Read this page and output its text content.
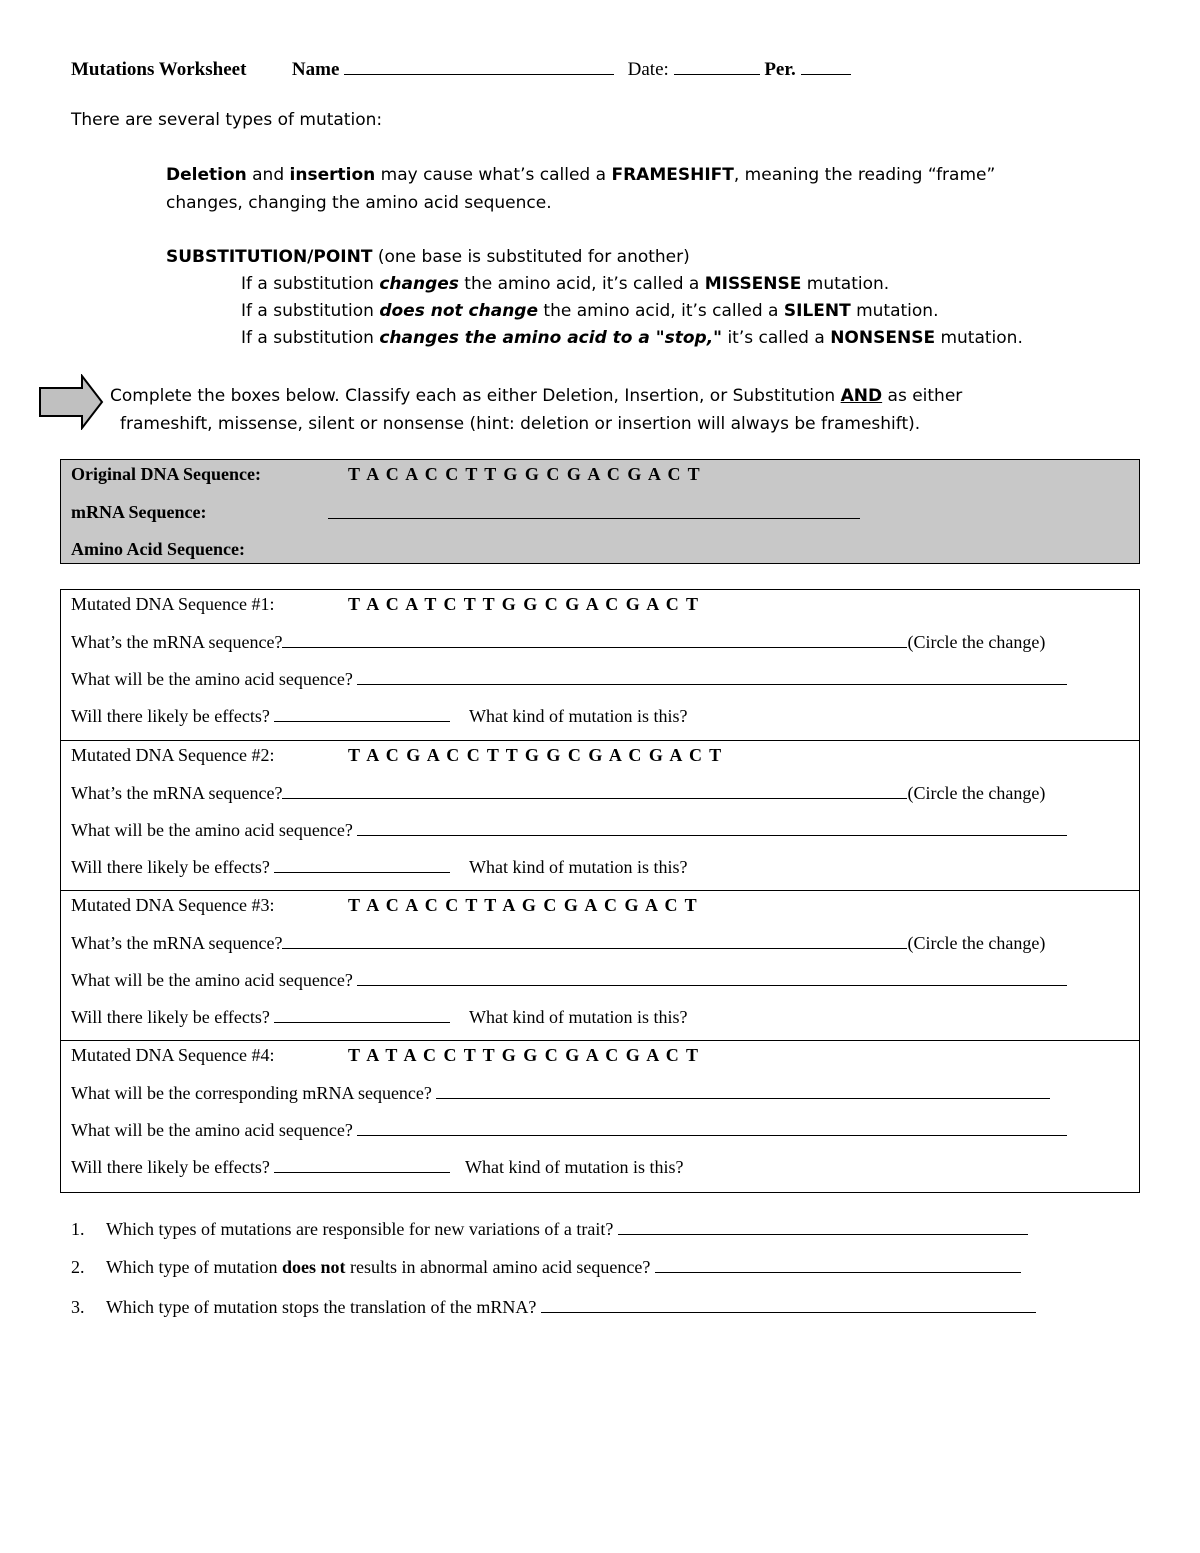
Mutations Worksheet Name	Date:	Per.
There are several types of mutation:
Deletion and insertion may cause what’s called a FRAMESHIFT, meaning the reading “frame”
changes, changing the amino acid sequence.
SUBSTITUTION/POINT (one base is substituted for another)
If a substitution changes the amino acid, it’s called a MISSENSE mutation.
If a substitution does not change the amino acid, it’s called a SILENT mutation.
If a substitution changes the amino acid to a "stop," it’s called a NONSENSE mutation.
Complete the boxes below. Classify each as either Deletion, Insertion, or Substitution AND as either
frameshift, missense, silent or nonsense (hint: deletion or insertion will always be frameshift).
Original DNA Sequence:	T A C A C C T T G G C G A C G A C T
mRNA Sequence:
Amino Acid Sequence:
Mutated DNA Sequence #1:	T A C A T C T T G G C G A C G A C T
What’s the mRNA sequence?	(Circle the change)
What will be the amino acid sequence?
Will there likely be effects?	What kind of mutation is this?
Mutated DNA Sequence #2:	T A C G A C C T T G G C G A C G A C T
What’s the mRNA sequence?	(Circle the change)
What will be the amino acid sequence?
Will there likely be effects?	What kind of mutation is this?
Mutated DNA Sequence #3:	T A C A C C T T A G C G A C G A C T
What’s the mRNA sequence?	(Circle the change)
What will be the amino acid sequence?
Will there likely be effects?	What kind of mutation is this?
Mutated DNA Sequence #4:	T A T A C C T T G G C G A C G A C T
What will be the corresponding mRNA sequence?
What will be the amino acid sequence?
Will there likely be effects?	What kind of mutation is this?
1. Which types of mutations are responsible for new variations of a trait?
2. Which type of mutation does not results in abnormal amino acid sequence?
3. Which type of mutation stops the translation of the mRNA?
